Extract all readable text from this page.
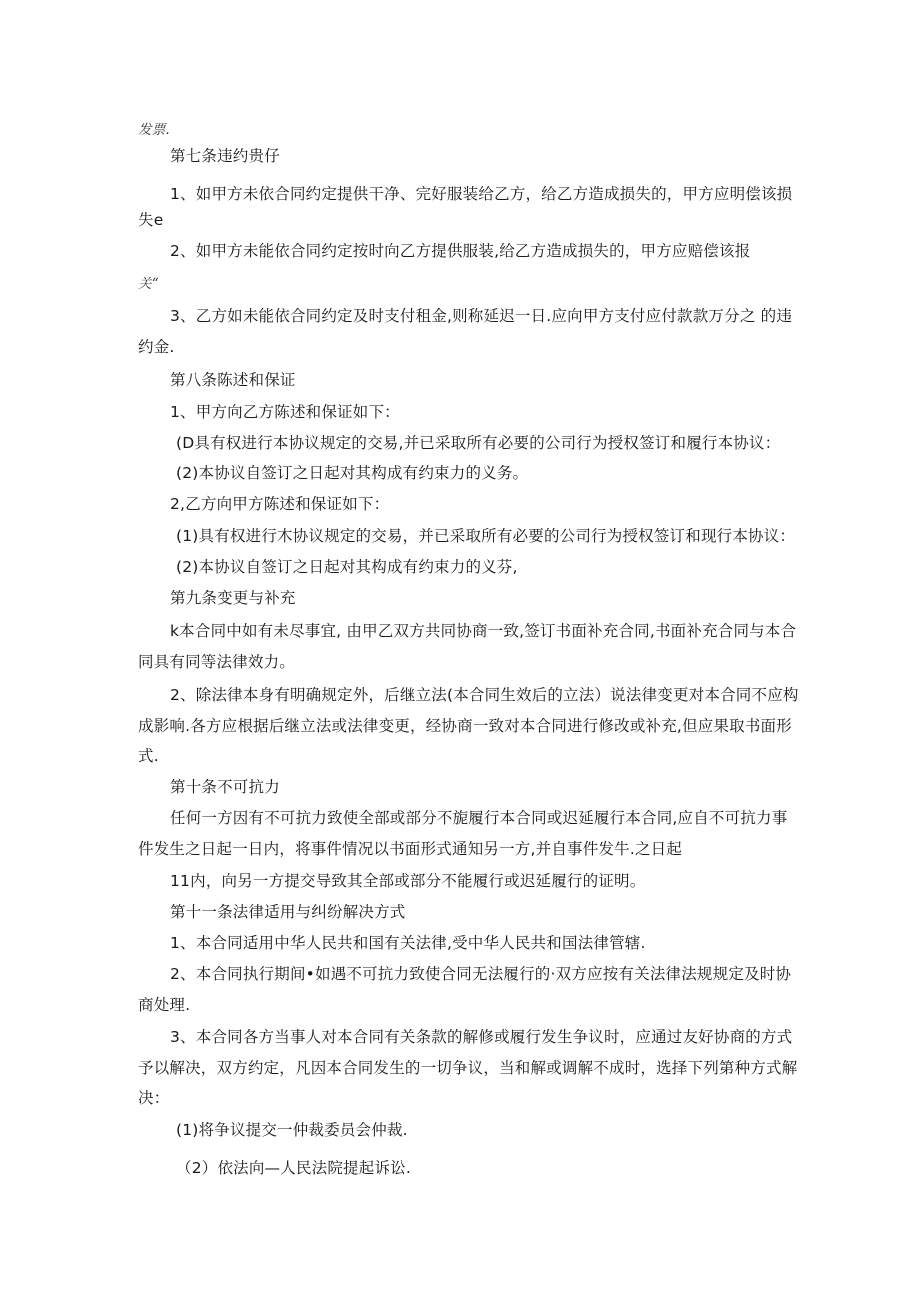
发票.
第七条违约贵仔
1、如甲方未依合同约定提供干净、完好服装给乙方，给乙方造成损失的，甲方应明偿该损
失e
2、如甲方未能依合同约定按时向乙方提供服装,给乙方造成损失的，甲方应赔偿该报
关“
3、乙方如未能依合同约定及时支付租金,则称延迟一日.应向甲方支付应付款款万分之 的违
约金.
第八条陈述和保证
1、甲方向乙方陈述和保证如下：
(D具有权进行本协议规定的交易,并已采取所有必要的公司行为授权签订和履行本协议：
(2)本协议自签订之日起对其构成有约束力的义务。
2,乙方向甲方陈述和保证如下：
(1)具有权进行木协议规定的交易，并已采取所有必要的公司行为授权签订和现行本协议：
(2)本协议自签订之日起对其构成有约束力的义芬,
第九条变更与补充
k本合同中如有未尽事宜, 由甲乙双方共同协商一致,签订书面补充合同,书面补充合同与本合
同具有同等法律效力。
2、除法律本身有明确规定外，后继立法(本合同生效后的立法）说法律变更对本合同不应构
成影响.各方应根据后继立法或法律变更，经协商一致对本合同进行修改或补充,但应果取书面形
式.
第十条不可抗力
任何一方因有不可抗力致使全部或部分不旎履行本合同或迟延履行本合同,应自不可抗力事
件发生之日起一日内，将事件情况以书面形式通知另一方,并自事件发牛.之日起
11内，向另一方提交导致其全部或部分不能履行或迟延履行的证明。
第十一条法律适用与纠纷解决方式
1、本合同适用中华人民共和国有关法律,受中华人民共和国法律管辖.
2、本合同执行期间•如遇不可抗力致使合同无法履行的·双方应按有关法律法规规定及时协
商处理.
3、本合同各方当事人对本合同有关条款的解修或履行发生争议时，应通过友好协商的方式
予以解决，双方约定，凡因本合同发生的一切争议，当和解或调解不成时，选择下列第种方式解
决：
(1)将争议提交一仲裁委员会仲裁.
（2）依法向—人民法院提起诉讼.
